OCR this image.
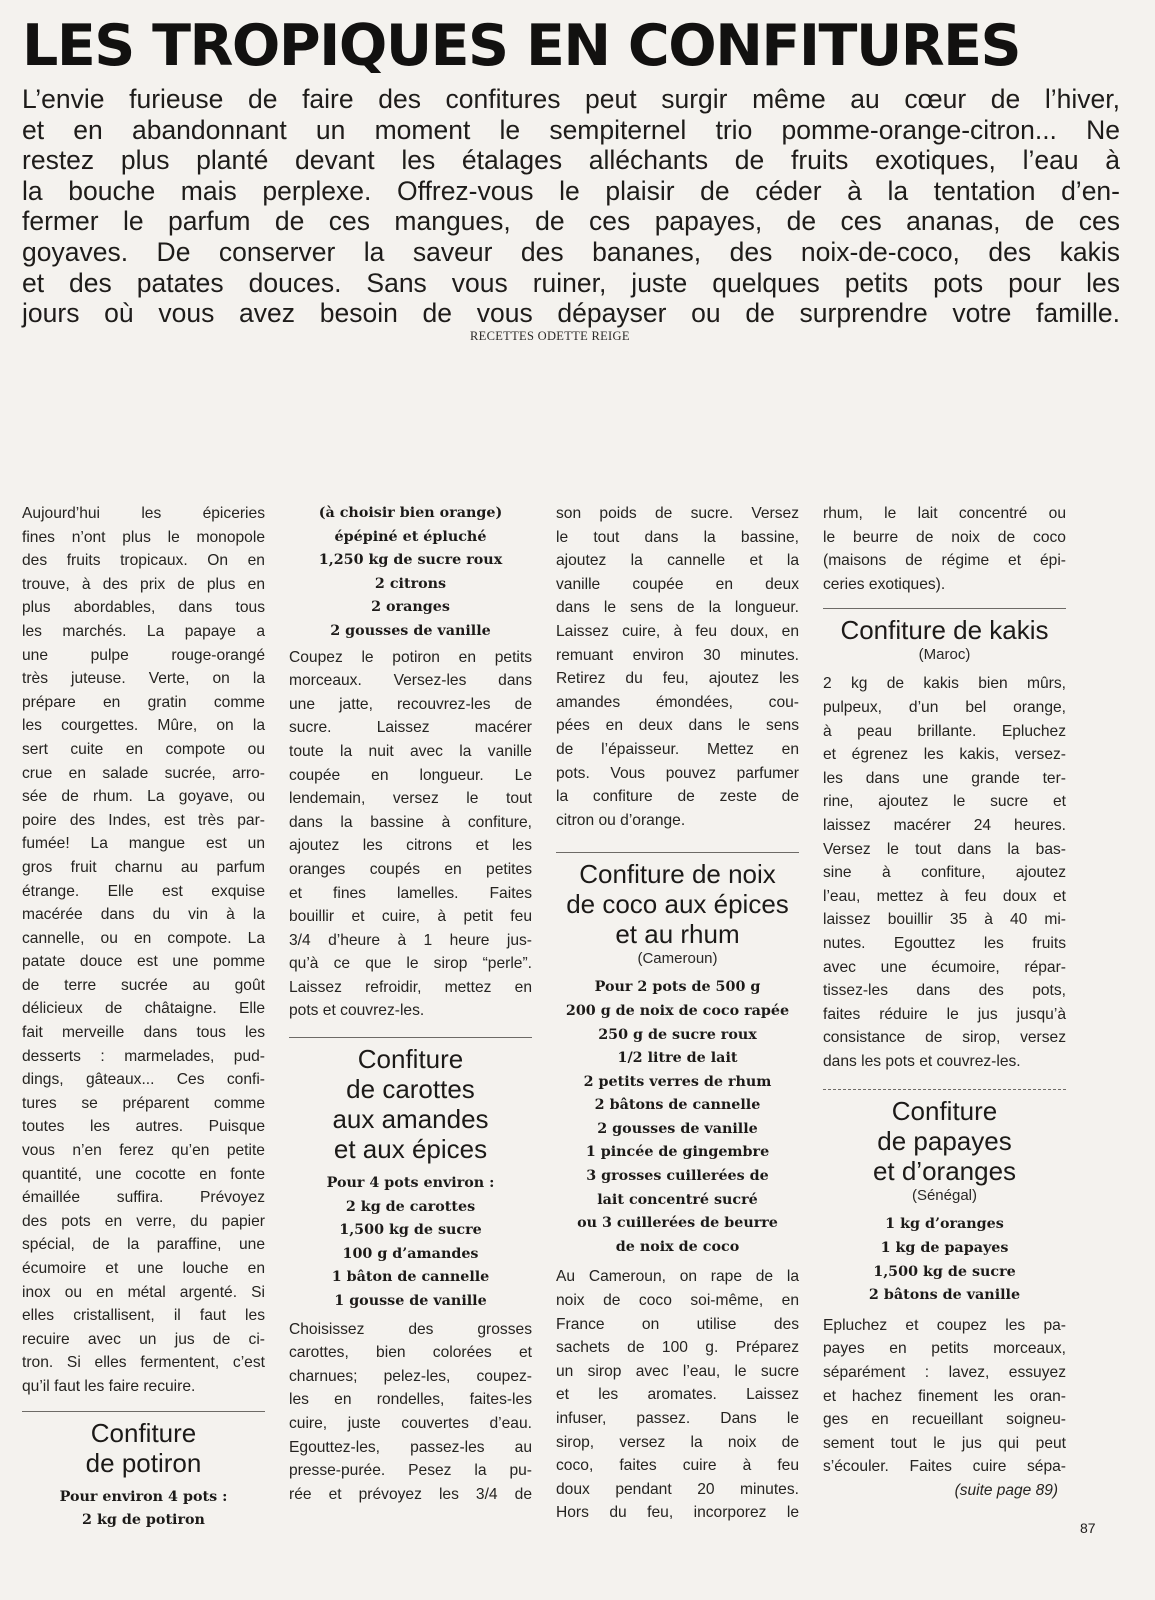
LES TROPIQUES EN CONFITURES
L’envie furieuse de faire des confitures peut surgir même au cœur de l’hiver,
et en abandonnant un moment le sempiternel trio pomme-orange-citron... Ne
restez plus planté devant les étalages alléchants de fruits exotiques, l’eau à
la bouche mais perplexe. Offrez-vous le plaisir de céder à la tentation d’en-
fermer le parfum de ces mangues, de ces papayes, de ces ananas, de ces
goyaves. De conserver la saveur des bananes, des noix-de-coco, des kakis
et des patates douces. Sans vous ruiner, juste quelques petits pots pour les
jours où vous avez besoin de vous dépayser ou de surprendre votre famille.
RECETTES ODETTE REIGE
Aujourd’hui les épiceries
fines n’ont plus le monopole
des fruits tropicaux. On en
trouve, à des prix de plus en
plus abordables, dans tous
les marchés. La papaye a
une pulpe rouge-orangé
très juteuse. Verte, on la
prépare en gratin comme
les courgettes. Mûre, on la
sert cuite en compote ou
crue en salade sucrée, arro-
sée de rhum. La goyave, ou
poire des Indes, est très par-
fumée! La mangue est un
gros fruit charnu au parfum
étrange. Elle est exquise
macérée dans du vin à la
cannelle, ou en compote. La
patate douce est une pomme
de terre sucrée au goût
délicieux de châtaigne. Elle
fait merveille dans tous les
desserts : marmelades, pud-
dings, gâteaux... Ces confi-
tures se préparent comme
toutes les autres. Puisque
vous n’en ferez qu’en petite
quantité, une cocotte en fonte
émaillée suffira. Prévoyez
des pots en verre, du papier
spécial, de la paraffine, une
écumoire et une louche en
inox ou en métal argenté. Si
elles cristallisent, il faut les
recuire avec un jus de ci-
tron. Si elles fermentent, c’est
qu’il faut les faire recuire.
Confiture
de potiron
Pour environ 4 pots :
2 kg de potiron
(à choisir bien orange)
épépiné et épluché
1,250 kg de sucre roux
2 citrons
2 oranges
2 gousses de vanille
Coupez le potiron en petits
morceaux. Versez-les dans
une jatte, recouvrez-les de
sucre. Laissez macérer
toute la nuit avec la vanille
coupée en longueur. Le
lendemain, versez le tout
dans la bassine à confiture,
ajoutez les citrons et les
oranges coupés en petites
et fines lamelles. Faites
bouillir et cuire, à petit feu
3/4 d’heure à 1 heure jus-
qu’à ce que le sirop “perle”.
Laissez refroidir, mettez en
pots et couvrez-les.
Confiture
de carottes
aux amandes
et aux épices
Pour 4 pots environ :
2 kg de carottes
1,500 kg de sucre
100 g d’amandes
1 bâton de cannelle
1 gousse de vanille
Choisissez des grosses
carottes, bien colorées et
charnues; pelez-les, coupez-
les en rondelles, faites-les
cuire, juste couvertes d’eau.
Egouttez-les, passez-les au
presse-purée. Pesez la pu-
rée et prévoyez les 3/4 de
son poids de sucre. Versez
le tout dans la bassine,
ajoutez la cannelle et la
vanille coupée en deux
dans le sens de la longueur.
Laissez cuire, à feu doux, en
remuant environ 30 minutes.
Retirez du feu, ajoutez les
amandes émondées, cou-
pées en deux dans le sens
de l’épaisseur. Mettez en
pots. Vous pouvez parfumer
la confiture de zeste de
citron ou d’orange.
Confiture de noix
de coco aux épices
et au rhum
(Cameroun)
Pour 2 pots de 500 g
200 g de noix de coco rapée
250 g de sucre roux
1/2 litre de lait
2 petits verres de rhum
2 bâtons de cannelle
2 gousses de vanille
1 pincée de gingembre
3 grosses cuillerées de
lait concentré sucré
ou 3 cuillerées de beurre
de noix de coco
Au Cameroun, on rape de la
noix de coco soi-même, en
France on utilise des
sachets de 100 g. Préparez
un sirop avec l’eau, le sucre
et les aromates. Laissez
infuser, passez. Dans le
sirop, versez la noix de
coco, faites cuire à feu
doux pendant 20 minutes.
Hors du feu, incorporez le
rhum, le lait concentré ou
le beurre de noix de coco
(maisons de régime et épi-
ceries exotiques).
Confiture de kakis
(Maroc)
2 kg de kakis bien mûrs,
pulpeux, d’un bel orange,
à peau brillante. Epluchez
et égrenez les kakis, versez-
les dans une grande ter-
rine, ajoutez le sucre et
laissez macérer 24 heures.
Versez le tout dans la bas-
sine à confiture, ajoutez
l’eau, mettez à feu doux et
laissez bouillir 35 à 40 mi-
nutes. Egouttez les fruits
avec une écumoire, répar-
tissez-les dans des pots,
faites réduire le jus jusqu’à
consistance de sirop, versez
dans les pots et couvrez-les.
Confiture
de papayes
et d’oranges
(Sénégal)
1 kg d’oranges
1 kg de papayes
1,500 kg de sucre
2 bâtons de vanille
Epluchez et coupez les pa-
payes en petits morceaux,
séparément : lavez, essuyez
et hachez finement les oran-
ges en recueillant soigneu-
sement tout le jus qui peut
s’écouler. Faites cuire sépa-
(suite page 89)
87
